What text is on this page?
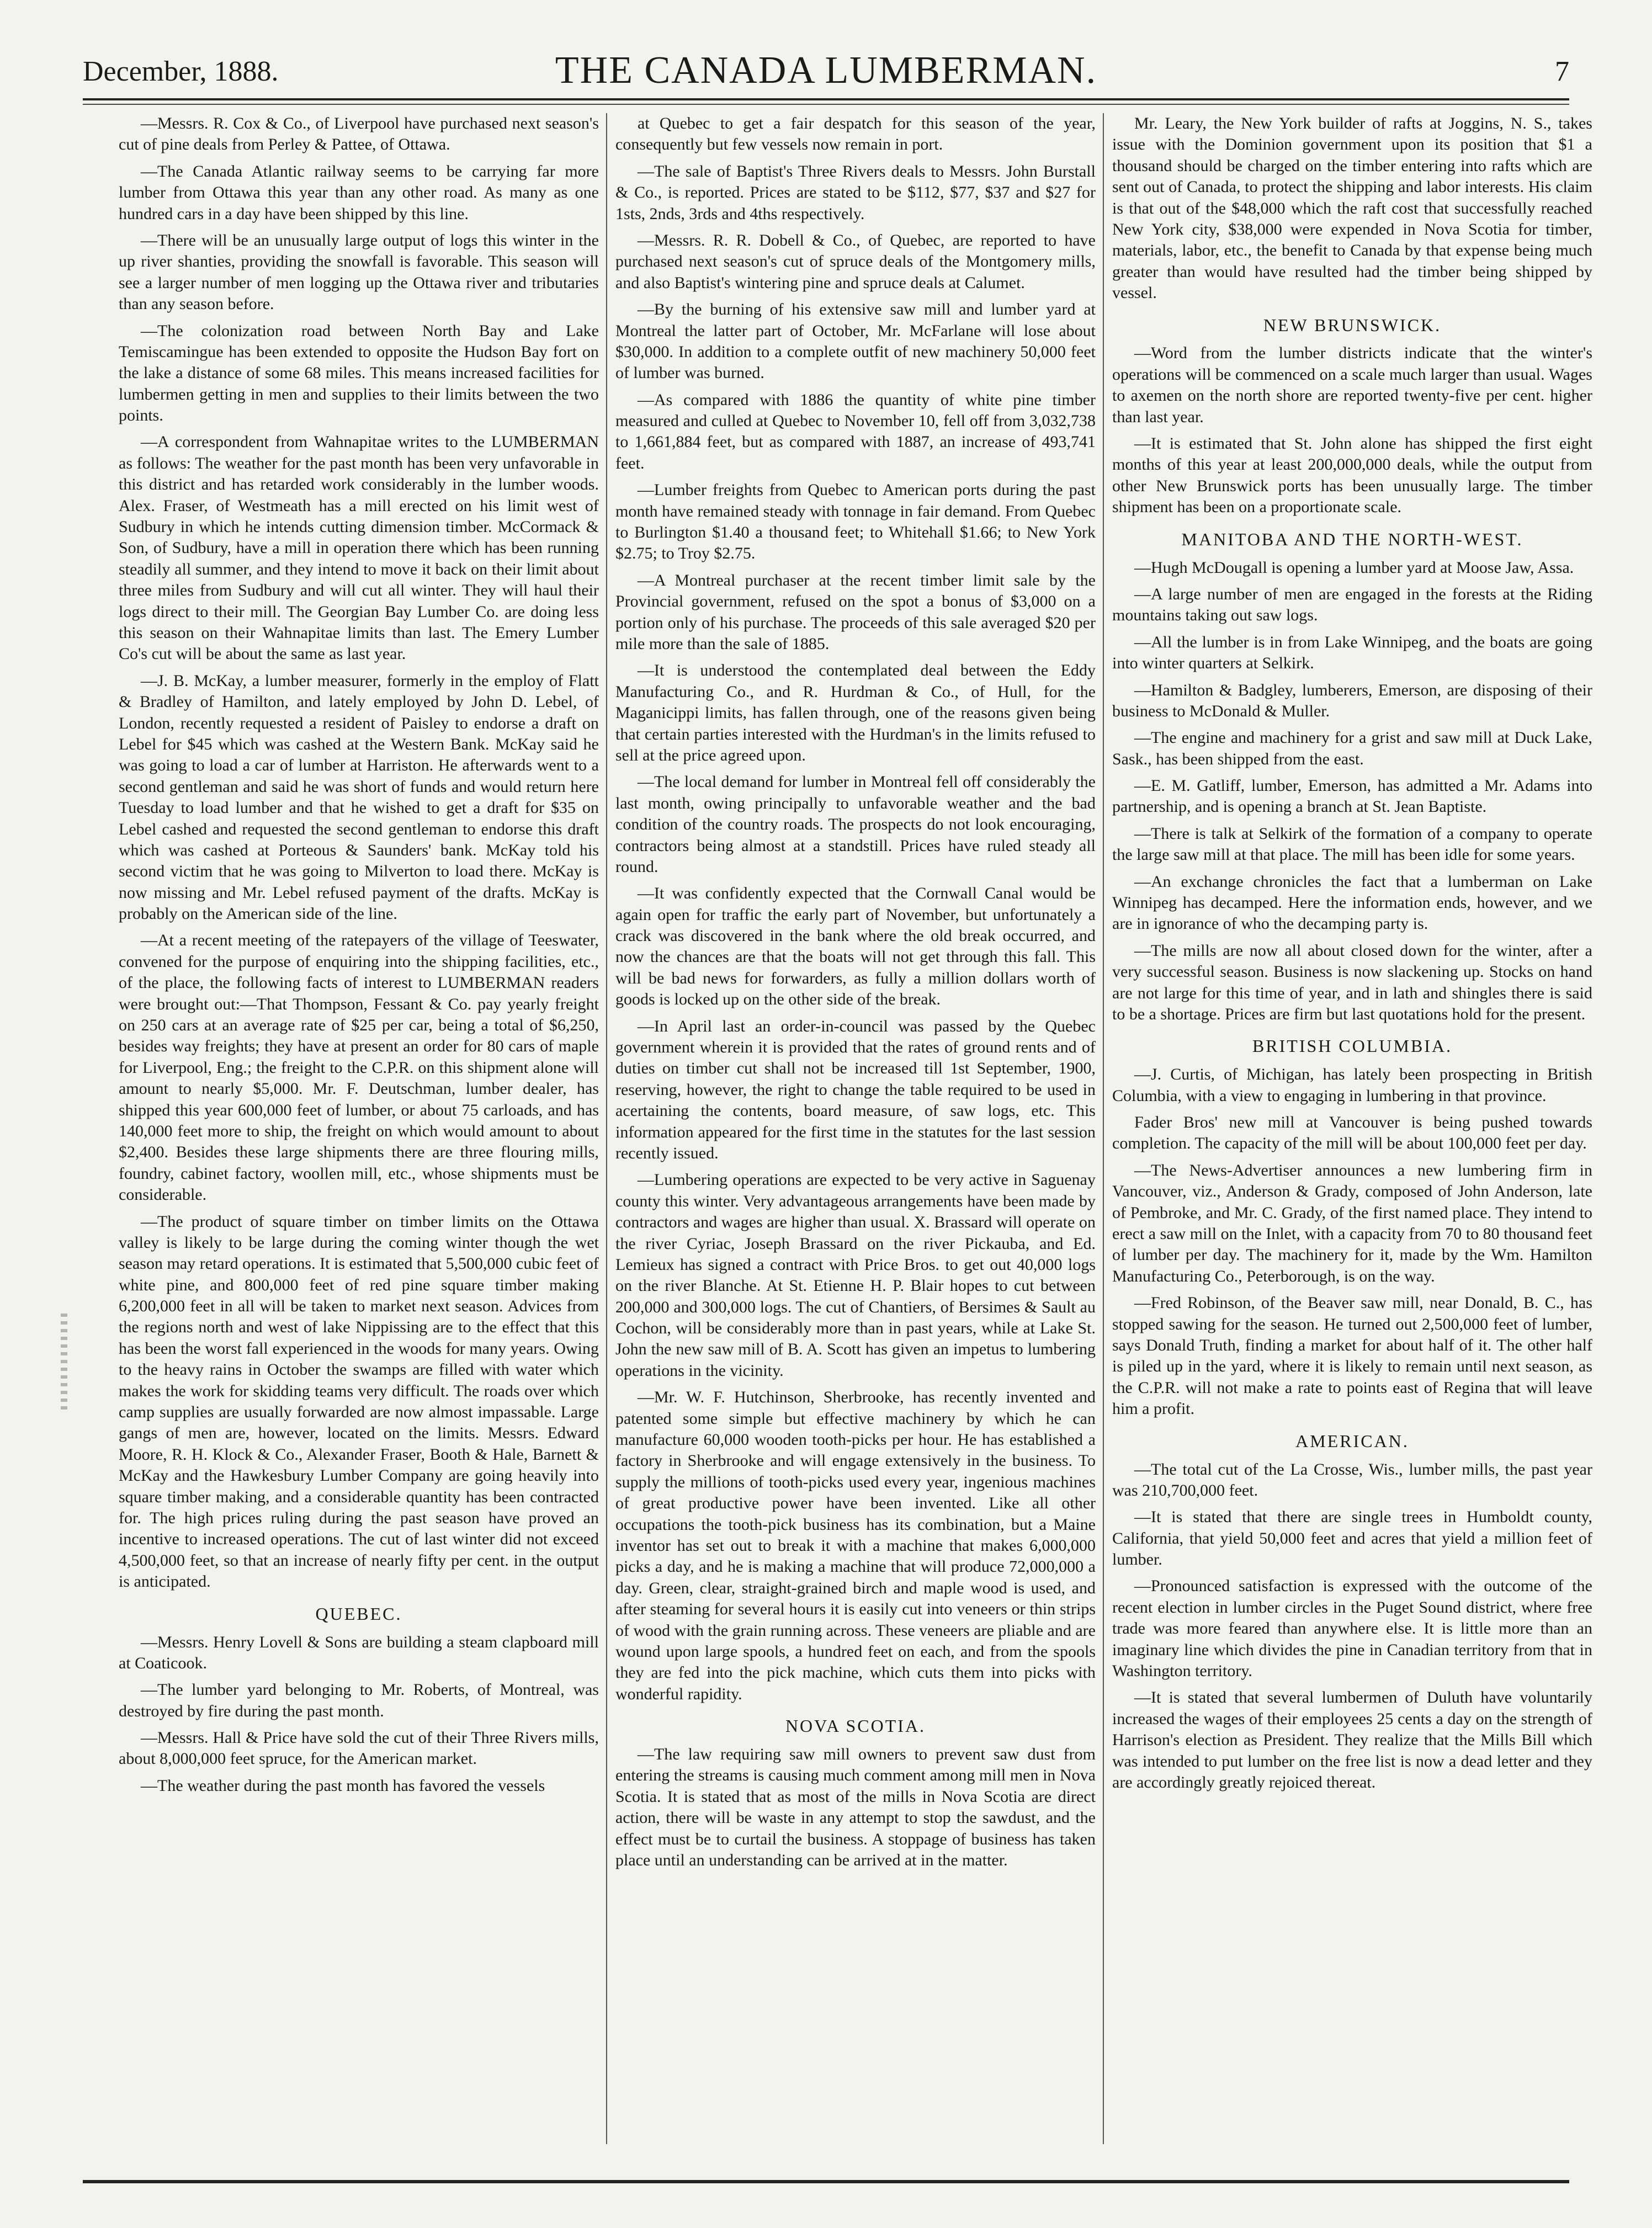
December, 1888.	THE CANADA LUMBERMAN.	7

—Messrs. R. Cox & Co., of Liverpool have purchased next season's cut of pine deals from Perley & Pattee, of Ottawa.

—The Canada Atlantic railway seems to be carrying far more lumber from Ottawa this year than any other road. As many as one hundred cars in a day have been shipped by this line.

—There will be an unusually large output of logs this winter in the up river shanties, providing the snowfall is favorable. This season will see a larger number of men logging up the Ottawa river and tributaries than any season before.

—The colonization road between North Bay and Lake Temiscamingue has been extended to opposite the Hudson Bay fort on the lake a distance of some 68 miles. This means increased facilities for lumbermen getting in men and supplies to their limits between the two points.

—A correspondent from Wahnapitae writes to the LUMBERMAN as follows: The weather for the past month has been very unfavorable in this district and has retarded work considerably in the lumber woods. Alex. Fraser, of Westmeath has a mill erected on his limit west of Sudbury in which he intends cutting dimension timber. McCormack & Son, of Sudbury, have a mill in operation there which has been running steadily all summer, and they intend to move it back on their limit about three miles from Sudbury and will cut all winter. They will haul their logs direct to their mill. The Georgian Bay Lumber Co. are doing less this season on their Wahnapitae limits than last. The Emery Lumber Co's cut will be about the same as last year.

—J. B. McKay, a lumber measurer, formerly in the employ of Flatt & Bradley of Hamilton, and lately employed by John D. Lebel, of London, recently requested a resident of Paisley to endorse a draft on Lebel for $45 which was cashed at the Western Bank. McKay said he was going to load a car of lumber at Harriston. He afterwards went to a second gentleman and said he was short of funds and would return here Tuesday to load lumber and that he wished to get a draft for $35 on Lebel cashed and requested the second gentleman to endorse this draft which was cashed at Porteous & Saunders' bank. McKay told his second victim that he was going to Milverton to load there. McKay is now missing and Mr. Lebel refused payment of the drafts. McKay is probably on the American side of the line.

—At a recent meeting of the ratepayers of the village of Teeswater, convened for the purpose of enquiring into the shipping facilities, etc., of the place, the following facts of interest to LUMBERMAN readers were brought out:—That Thompson, Fessant & Co. pay yearly freight on 250 cars at an average rate of $25 per car, being a total of $6,250, besides way freights; they have at present an order for 80 cars of maple for Liverpool, Eng.; the freight to the C.P.R. on this shipment alone will amount to nearly $5,000. Mr. F. Deutschman, lumber dealer, has shipped this year 600,000 feet of lumber, or about 75 carloads, and has 140,000 feet more to ship, the freight on which would amount to about $2,400. Besides these large shipments there are three flouring mills, foundry, cabinet factory, woollen mill, etc., whose shipments must be considerable.

—The product of square timber on timber limits on the Ottawa valley is likely to be large during the coming winter though the wet season may retard operations. It is estimated that 5,500,000 cubic feet of white pine, and 800,000 feet of red pine square timber making 6,200,000 feet in all will be taken to market next season. Advices from the regions north and west of lake Nippissing are to the effect that this has been the worst fall experienced in the woods for many years. Owing to the heavy rains in October the swamps are filled with water which makes the work for skidding teams very difficult. The roads over which camp supplies are usually forwarded are now almost impassable. Large gangs of men are, however, located on the limits. Messrs. Edward Moore, R. H. Klock & Co., Alexander Fraser, Booth & Hale, Barnett & McKay and the Hawkesbury Lumber Company are going heavily into square timber making, and a considerable quantity has been contracted for. The high prices ruling during the past season have proved an incentive to increased operations. The cut of last winter did not exceed 4,500,000 feet, so that an increase of nearly fifty per cent. in the output is anticipated.

QUEBEC.

—Messrs. Henry Lovell & Sons are building a steam clapboard mill at Coaticook.

—The lumber yard belonging to Mr. Roberts, of Montreal, was destroyed by fire during the past month.

—Messrs. Hall & Price have sold the cut of their Three Rivers mills, about 8,000,000 feet spruce, for the American market.

—The weather during the past month has favored the vessels

at Quebec to get a fair despatch for this season of the year, consequently but few vessels now remain in port.

—The sale of Baptist's Three Rivers deals to Messrs. John Burstall & Co., is reported. Prices are stated to be $112, $77, $37 and $27 for 1sts, 2nds, 3rds and 4ths respectively.

—Messrs. R. R. Dobell & Co., of Quebec, are reported to have purchased next season's cut of spruce deals of the Montgomery mills, and also Baptist's wintering pine and spruce deals at Calumet.

—By the burning of his extensive saw mill and lumber yard at Montreal the latter part of October, Mr. McFarlane will lose about $30,000. In addition to a complete outfit of new machinery 50,000 feet of lumber was burned.

—As compared with 1886 the quantity of white pine timber measured and culled at Quebec to November 10, fell off from 3,032,738 to 1,661,884 feet, but as compared with 1887, an increase of 493,741 feet.

—Lumber freights from Quebec to American ports during the past month have remained steady with tonnage in fair demand. From Quebec to Burlington $1.40 a thousand feet; to Whitehall $1.66; to New York $2.75; to Troy $2.75.

—A Montreal purchaser at the recent timber limit sale by the Provincial government, refused on the spot a bonus of $3,000 on a portion only of his purchase. The proceeds of this sale averaged $20 per mile more than the sale of 1885.

—It is understood the contemplated deal between the Eddy Manufacturing Co., and R. Hurdman & Co., of Hull, for the Maganicippi limits, has fallen through, one of the reasons given being that certain parties interested with the Hurdman's in the limits refused to sell at the price agreed upon.

—The local demand for lumber in Montreal fell off considerably the last month, owing principally to unfavorable weather and the bad condition of the country roads. The prospects do not look encouraging, contractors being almost at a standstill. Prices have ruled steady all round.

—It was confidently expected that the Cornwall Canal would be again open for traffic the early part of November, but unfortunately a crack was discovered in the bank where the old break occurred, and now the chances are that the boats will not get through this fall. This will be bad news for forwarders, as fully a million dollars worth of goods is locked up on the other side of the break.

—In April last an order-in-council was passed by the Quebec government wherein it is provided that the rates of ground rents and of duties on timber cut shall not be increased till 1st September, 1900, reserving, however, the right to change the table required to be used in acertaining the contents, board measure, of saw logs, etc. This information appeared for the first time in the statutes for the last session recently issued.

—Lumbering operations are expected to be very active in Saguenay county this winter. Very advantageous arrangements have been made by contractors and wages are higher than usual. X. Brassard will operate on the river Cyriac, Joseph Brassard on the river Pickauba, and Ed. Lemieux has signed a contract with Price Bros. to get out 40,000 logs on the river Blanche. At St. Etienne H. P. Blair hopes to cut between 200,000 and 300,000 logs. The cut of Chantiers, of Bersimes & Sault au Cochon, will be considerably more than in past years, while at Lake St. John the new saw mill of B. A. Scott has given an impetus to lumbering operations in the vicinity.

—Mr. W. F. Hutchinson, Sherbrooke, has recently invented and patented some simple but effective machinery by which he can manufacture 60,000 wooden tooth-picks per hour. He has established a factory in Sherbrooke and will engage extensively in the business. To supply the millions of tooth-picks used every year, ingenious machines of great productive power have been invented. Like all other occupations the tooth-pick business has its combination, but a Maine inventor has set out to break it with a machine that makes 6,000,000 picks a day, and he is making a machine that will produce 72,000,000 a day. Green, clear, straight-grained birch and maple wood is used, and after steaming for several hours it is easily cut into veneers or thin strips of wood with the grain running across. These veneers are pliable and are wound upon large spools, a hundred feet on each, and from the spools they are fed into the pick machine, which cuts them into picks with wonderful rapidity.

NOVA SCOTIA.

—The law requiring saw mill owners to prevent saw dust from entering the streams is causing much comment among mill men in Nova Scotia. It is stated that as most of the mills in Nova Scotia are direct action, there will be waste in any attempt to stop the sawdust, and the effect must be to curtail the business. A stoppage of business has taken place until an understanding can be arrived at in the matter.

Mr. Leary, the New York builder of rafts at Joggins, N. S., takes issue with the Dominion government upon its position that $1 a thousand should be charged on the timber entering into rafts which are sent out of Canada, to protect the shipping and labor interests. His claim is that out of the $48,000 which the raft cost that successfully reached New York city, $38,000 were expended in Nova Scotia for timber, materials, labor, etc., the benefit to Canada by that expense being much greater than would have resulted had the timber being shipped by vessel.

NEW BRUNSWICK.

—Word from the lumber districts indicate that the winter's operations will be commenced on a scale much larger than usual. Wages to axemen on the north shore are reported twenty-five per cent. higher than last year.

—It is estimated that St. John alone has shipped the first eight months of this year at least 200,000,000 deals, while the output from other New Brunswick ports has been unusually large. The timber shipment has been on a proportionate scale.

MANITOBA AND THE NORTH-WEST.

—Hugh McDougall is opening a lumber yard at Moose Jaw, Assa.

—A large number of men are engaged in the forests at the Riding mountains taking out saw logs.

—All the lumber is in from Lake Winnipeg, and the boats are going into winter quarters at Selkirk.

—Hamilton & Badgley, lumberers, Emerson, are disposing of their business to McDonald & Muller.

—The engine and machinery for a grist and saw mill at Duck Lake, Sask., has been shipped from the east.

—E. M. Gatliff, lumber, Emerson, has admitted a Mr. Adams into partnership, and is opening a branch at St. Jean Baptiste.

—There is talk at Selkirk of the formation of a company to operate the large saw mill at that place. The mill has been idle for some years.

—An exchange chronicles the fact that a lumberman on Lake Winnipeg has decamped. Here the information ends, however, and we are in ignorance of who the decamping party is.

—The mills are now all about closed down for the winter, after a very successful season. Business is now slackening up. Stocks on hand are not large for this time of year, and in lath and shingles there is said to be a shortage. Prices are firm but last quotations hold for the present.

BRITISH COLUMBIA.

—J. Curtis, of Michigan, has lately been prospecting in British Columbia, with a view to engaging in lumbering in that province.

Fader Bros' new mill at Vancouver is being pushed towards completion. The capacity of the mill will be about 100,000 feet per day.

—The News-Advertiser announces a new lumbering firm in Vancouver, viz., Anderson & Grady, composed of John Anderson, late of Pembroke, and Mr. C. Grady, of the first named place. They intend to erect a saw mill on the Inlet, with a capacity from 70 to 80 thousand feet of lumber per day. The machinery for it, made by the Wm. Hamilton Manufacturing Co., Peterborough, is on the way.

—Fred Robinson, of the Beaver saw mill, near Donald, B. C., has stopped sawing for the season. He turned out 2,500,000 feet of lumber, says Donald Truth, finding a market for about half of it. The other half is piled up in the yard, where it is likely to remain until next season, as the C.P.R. will not make a rate to points east of Regina that will leave him a profit.

AMERICAN.

—The total cut of the La Crosse, Wis., lumber mills, the past year was 210,700,000 feet.

—It is stated that there are single trees in Humboldt county, California, that yield 50,000 feet and acres that yield a million feet of lumber.

—Pronounced satisfaction is expressed with the outcome of the recent election in lumber circles in the Puget Sound district, where free trade was more feared than anywhere else. It is little more than an imaginary line which divides the pine in Canadian territory from that in Washington territory.

—It is stated that several lumbermen of Duluth have voluntarily increased the wages of their employees 25 cents a day on the strength of Harrison's election as President. They realize that the Mills Bill which was intended to put lumber on the free list is now a dead letter and they are accordingly greatly rejoiced thereat.
